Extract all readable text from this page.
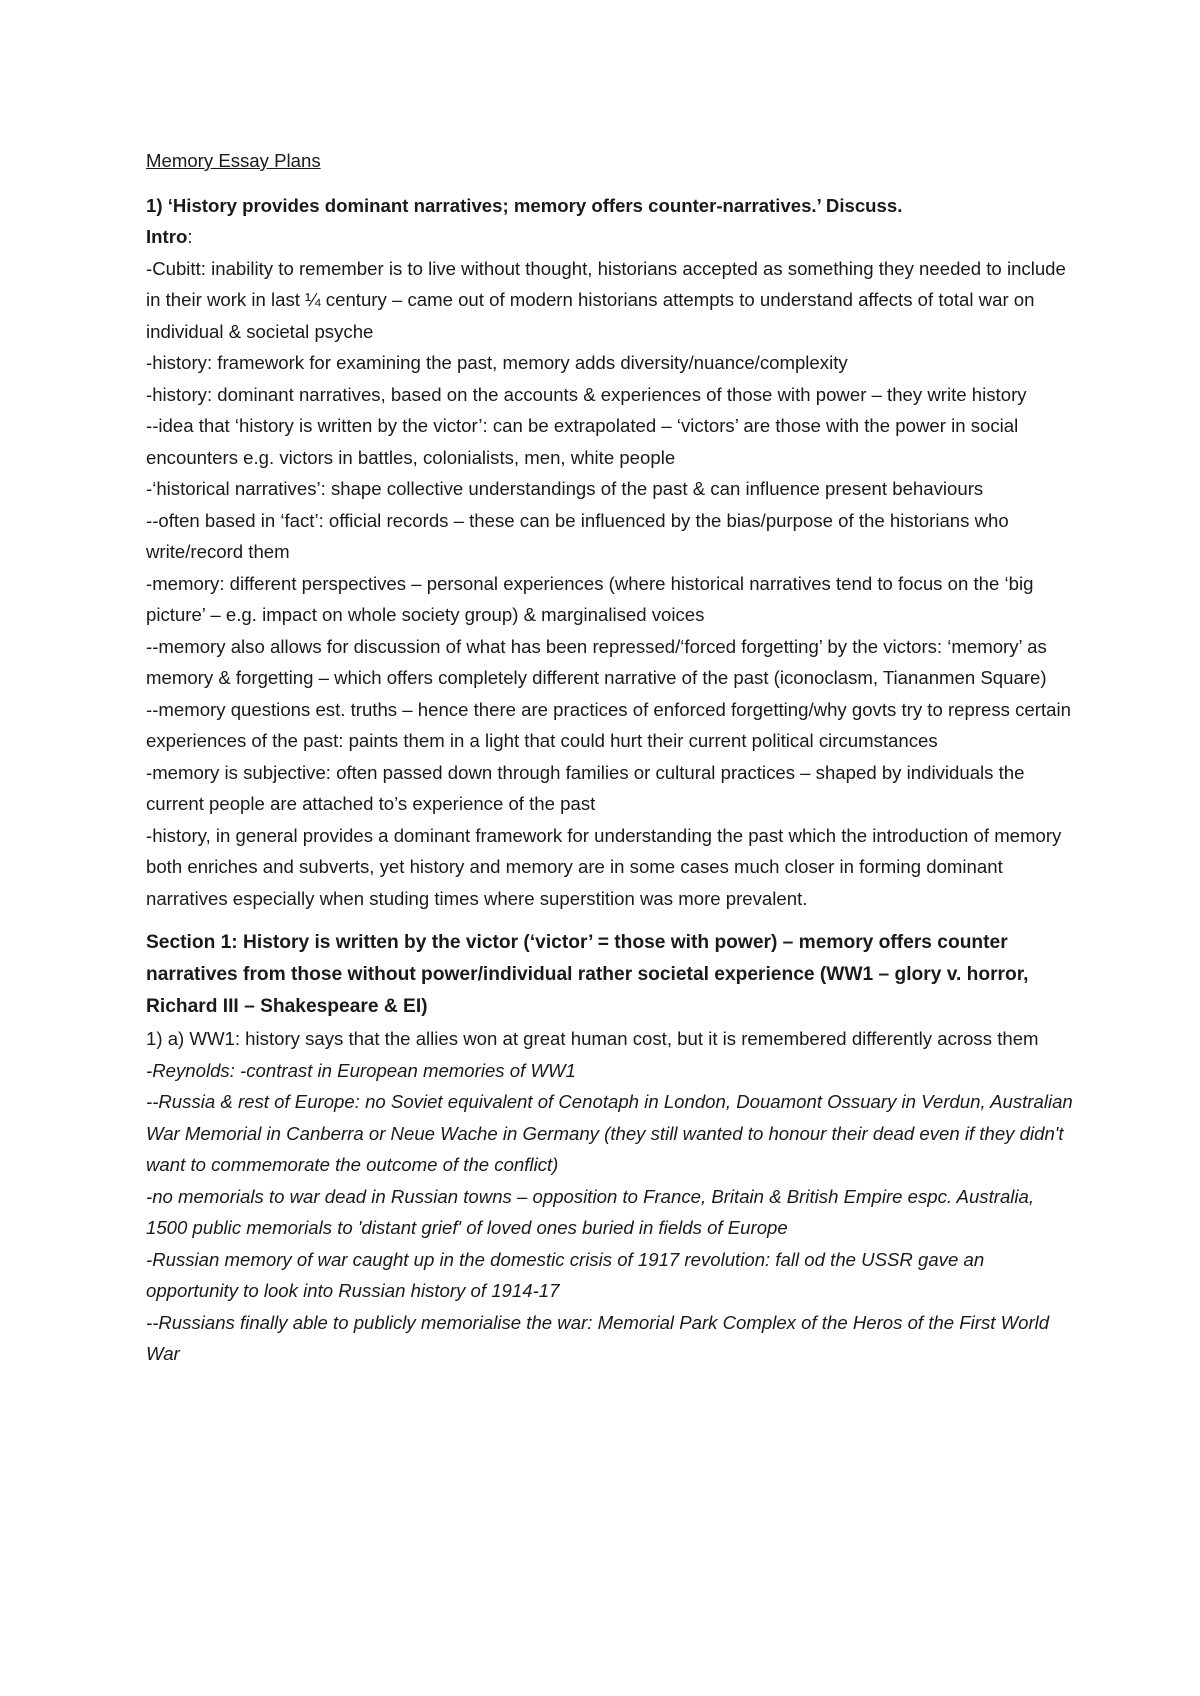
Memory Essay Plans
1) ‘History provides dominant narratives; memory offers counter-narratives.’ Discuss.
Intro:
-Cubitt: inability to remember is to live without thought, historians accepted as something they needed to include in their work in last ¼ century – came out of modern historians attempts to understand affects of total war on individual & societal psyche
-history: framework for examining the past, memory adds diversity/nuance/complexity
-history: dominant narratives, based on the accounts & experiences of those with power – they write history
--idea that ‘history is written by the victor’: can be extrapolated – ‘victors’ are those with the power in social encounters e.g. victors in battles, colonialists, men, white people
-‘historical narratives’: shape collective understandings of the past & can influence present behaviours
--often based in ‘fact’: official records – these can be influenced by the bias/purpose of the historians who write/record them
-memory: different perspectives – personal experiences (where historical narratives tend to focus on the ‘big picture’ – e.g. impact on whole society group) & marginalised voices
--memory also allows for discussion of what has been repressed/‘forced forgetting’ by the victors: ‘memory’ as memory & forgetting – which offers completely different narrative of the past (iconoclasm, Tiananmen Square)
--memory questions est. truths – hence there are practices of enforced forgetting/why govts try to repress certain experiences of the past: paints them in a light that could hurt their current political circumstances
-memory is subjective: often passed down through families or cultural practices – shaped by individuals the current people are attached to’s experience of the past
-history, in general provides a dominant framework for understanding the past which the introduction of memory both enriches and subverts, yet history and memory are in some cases much closer in forming dominant narratives especially when studing times where superstition was more prevalent.
Section 1: History is written by the victor (‘victor’ = those with power) – memory offers counter narratives from those without power/individual rather societal experience (WW1 – glory v. horror, Richard III – Shakespeare & EI)
1) a) WW1: history says that the allies won at great human cost, but it is remembered differently across them
-Reynolds: -contrast in European memories of WW1
--Russia & rest of Europe: no Soviet equivalent of Cenotaph in London, Douamont Ossuary in Verdun, Australian War Memorial in Canberra or Neue Wache in Germany (they still wanted to honour their dead even if they didn't want to commemorate the outcome of the conflict)
-no memorials to war dead in Russian towns – opposition to France, Britain & British Empire espc. Australia, 1500 public memorials to 'distant grief' of loved ones buried in fields of Europe
-Russian memory of war caught up in the domestic crisis of 1917 revolution: fall od the USSR gave an opportunity to look into Russian history of 1914-17
--Russians finally able to publicly memorialise the war: Memorial Park Complex of the Heros of the First World War
